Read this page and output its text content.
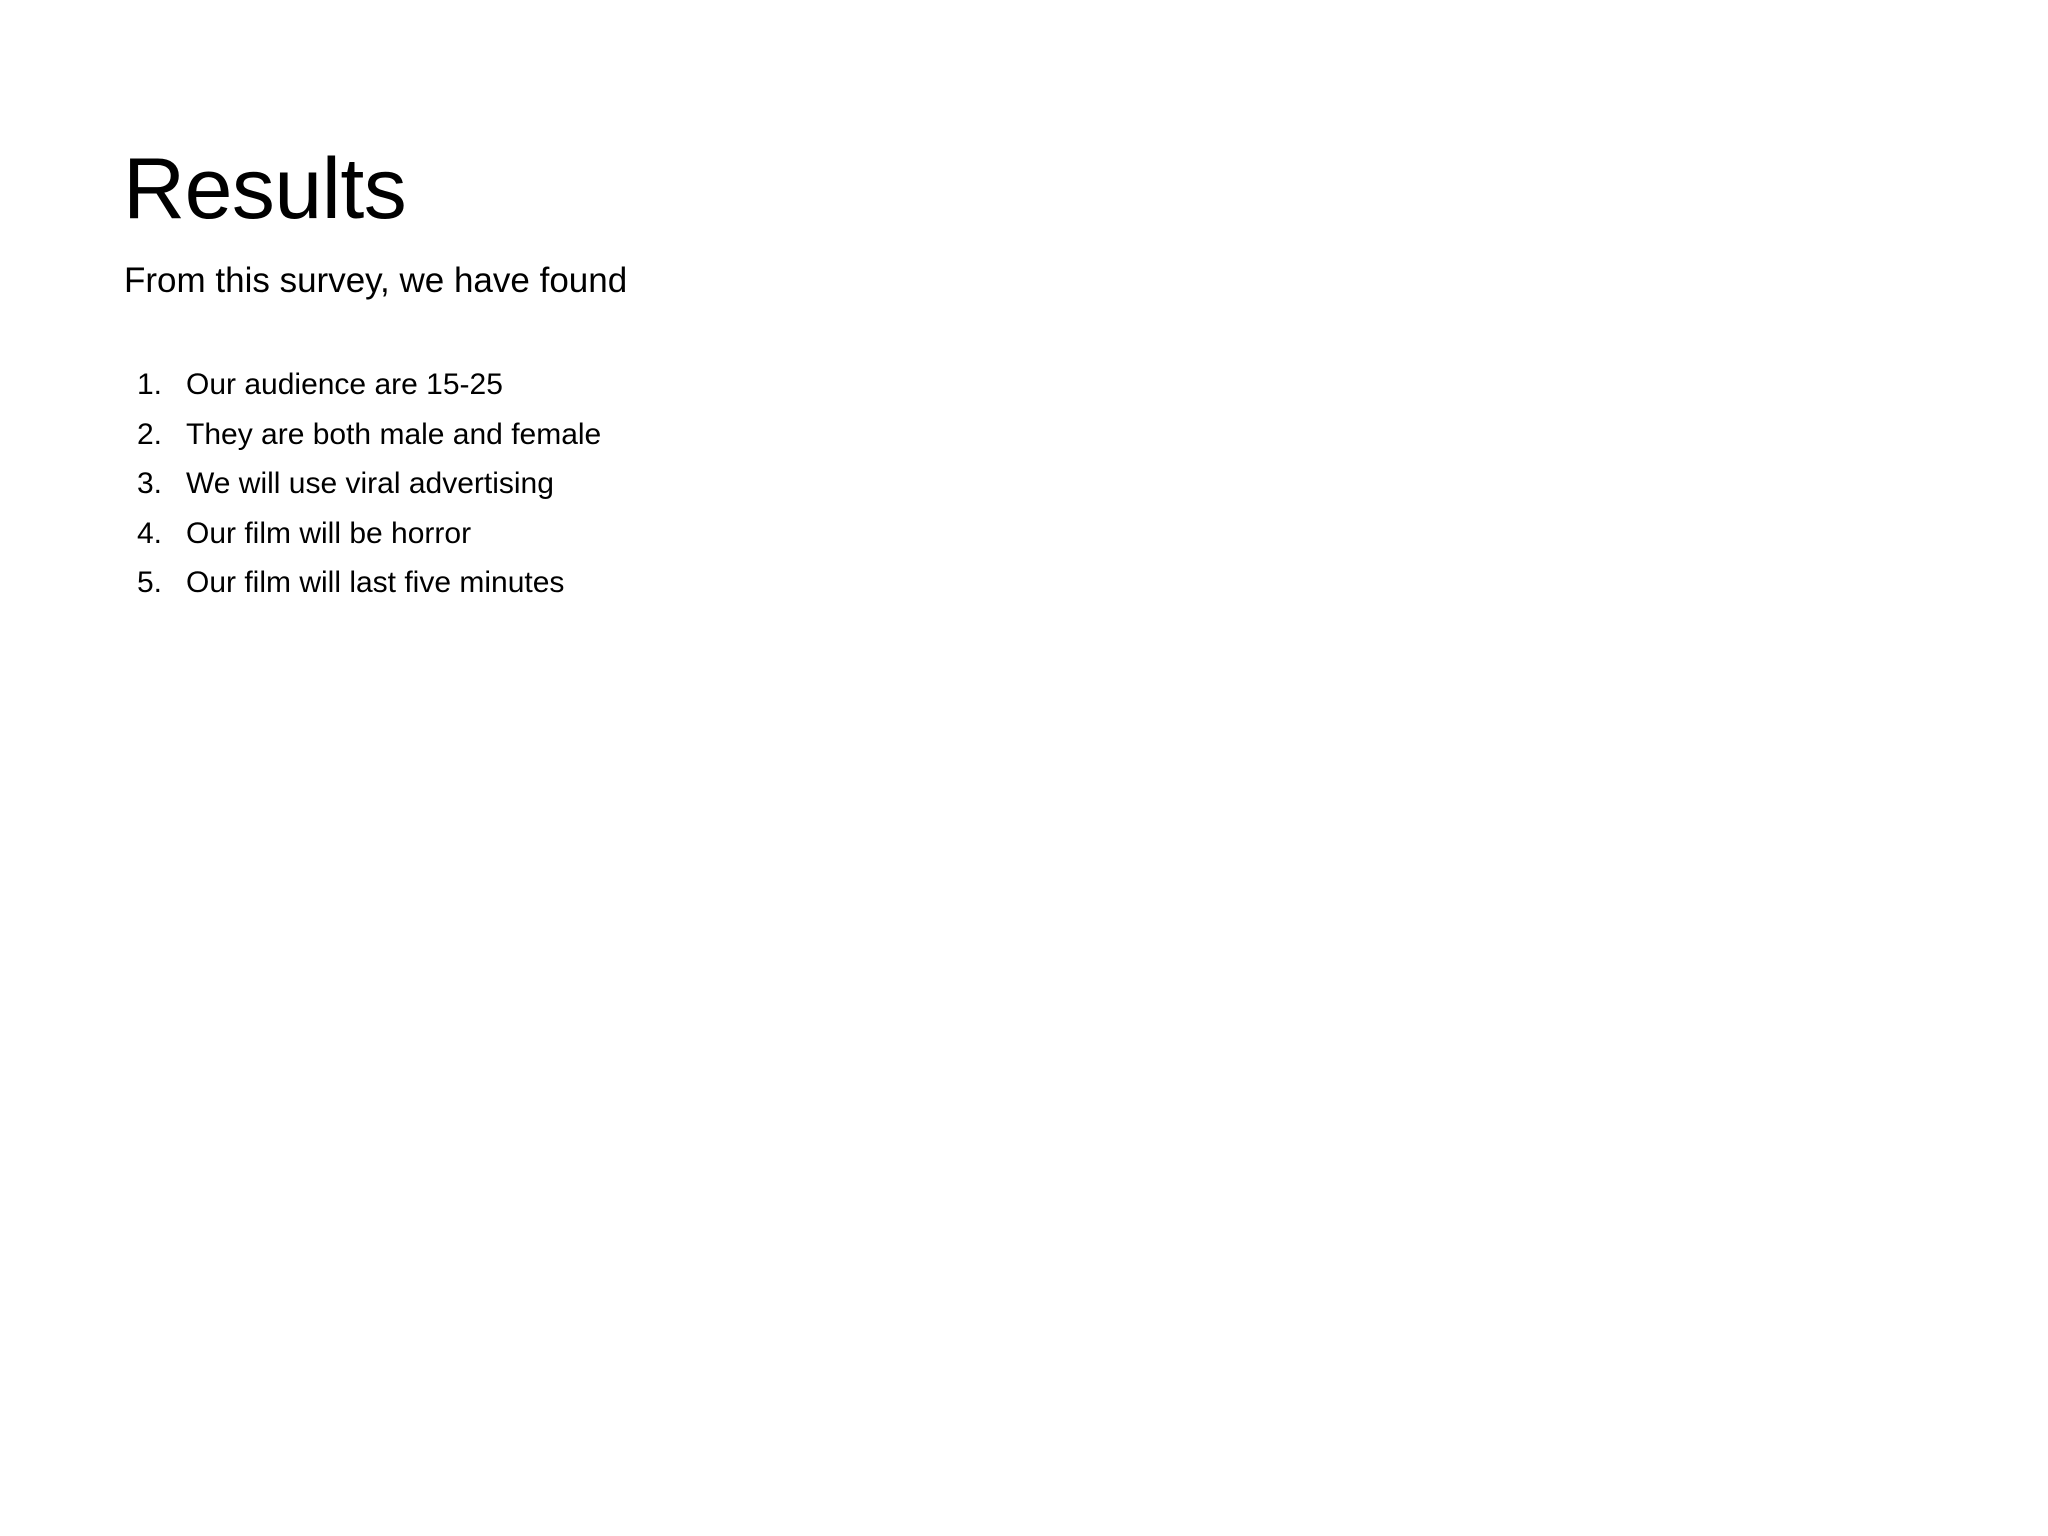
Results

From this survey, we have found

1. Our audience are 15-25
2. They are both male and female
3. We will use viral advertising
4. Our film will be horror
5. Our film will last five minutes
